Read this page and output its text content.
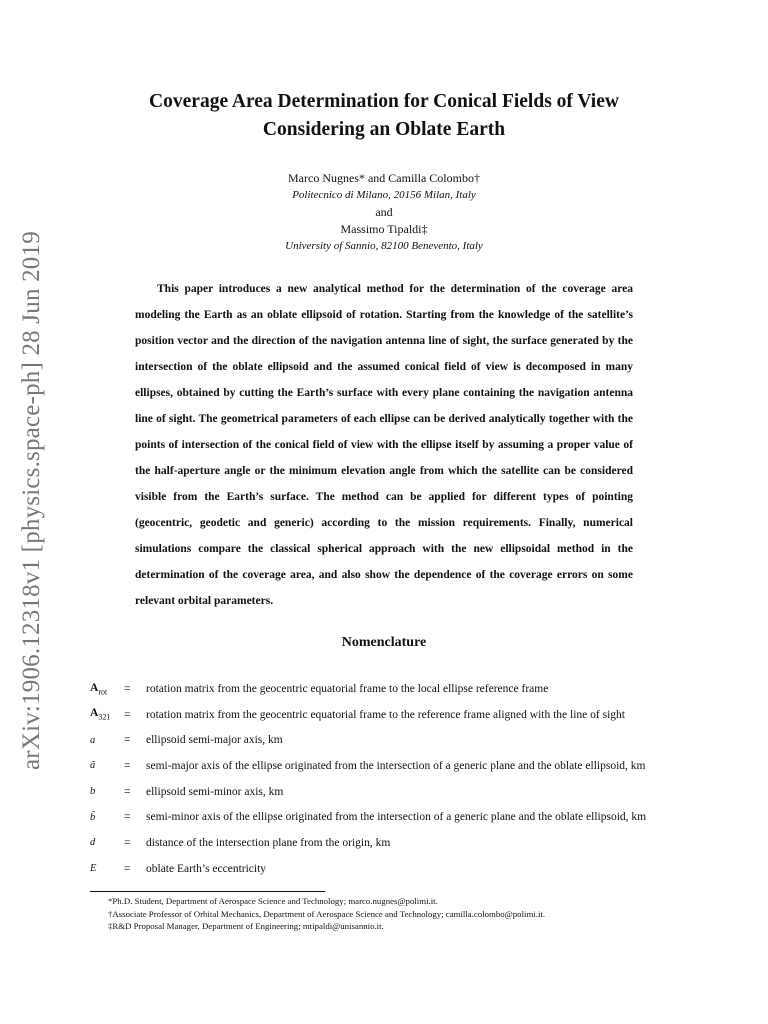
arXiv:1906.12318v1 [physics.space-ph] 28 Jun 2019
Coverage Area Determination for Conical Fields of View
Considering an Oblate Earth
Marco Nugnes* and Camilla Colombo†
Politecnico di Milano, 20156 Milan, Italy
and
Massimo Tipaldi‡
University of Sannio, 82100 Benevento, Italy
This paper introduces a new analytical method for the determination of the coverage area modeling the Earth as an oblate ellipsoid of rotation. Starting from the knowledge of the satellite’s position vector and the direction of the navigation antenna line of sight, the surface generated by the intersection of the oblate ellipsoid and the assumed conical field of view is decomposed in many ellipses, obtained by cutting the Earth’s surface with every plane containing the navigation antenna line of sight. The geometrical parameters of each ellipse can be derived analytically together with the points of intersection of the conical field of view with the ellipse itself by assuming a proper value of the half-aperture angle or the minimum elevation angle from which the satellite can be considered visible from the Earth’s surface. The method can be applied for different types of pointing (geocentric, geodetic and generic) according to the mission requirements. Finally, numerical simulations compare the classical spherical approach with the new ellipsoidal method in the determination of the coverage area, and also show the dependence of the coverage errors on some relevant orbital parameters.
Nomenclature
$A_{rot}$	=	rotation matrix from the geocentric equatorial frame to the local ellipse reference frame
$A_{321}$	=	rotation matrix from the geocentric equatorial frame to the reference frame aligned with the line of sight
a	=	ellipsoid semi-major axis, km
ã	=	semi-major axis of the ellipse originated from the intersection of a generic plane and the oblate ellipsoid, km
b	=	ellipsoid semi-minor axis, km
b̃	=	semi-minor axis of the ellipse originated from the intersection of a generic plane and the oblate ellipsoid, km
d	=	distance of the intersection plane from the origin, km
E	=	oblate Earth’s eccentricity
*Ph.D. Student, Department of Aerospace Science and Technology; marco.nugnes@polimi.it.
†Associate Professor of Orbital Mechanics, Department of Aerospace Science and Technology; camilla.colombo@polimi.it.
‡R&D Proposal Manager, Department of Engineering; mtipaldi@unisannio.it.
